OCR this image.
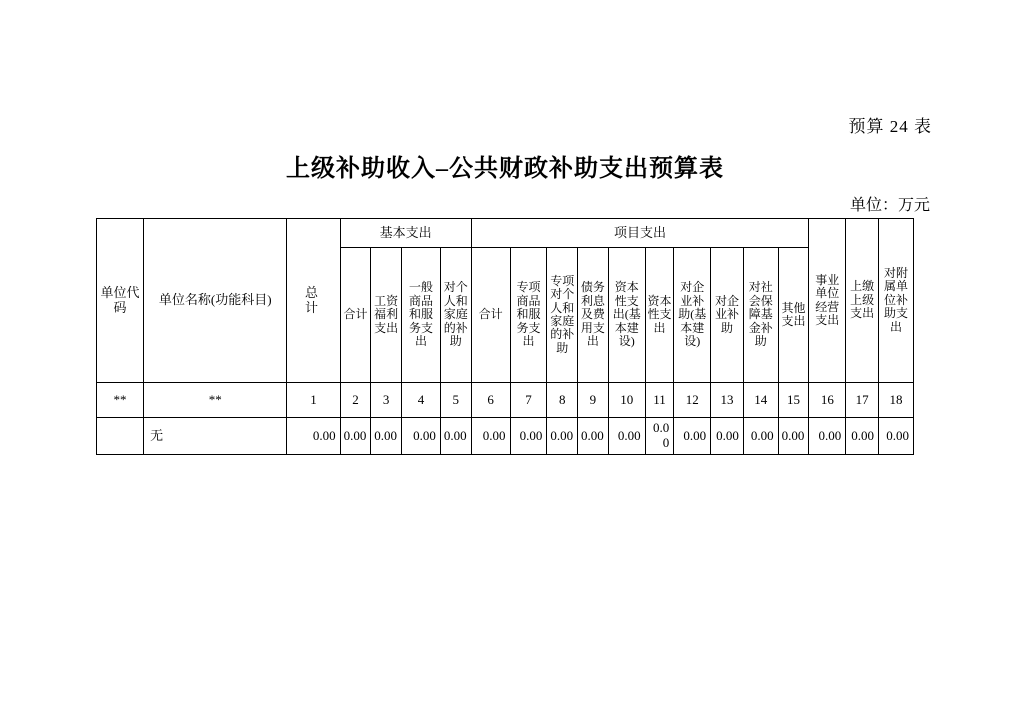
预算 24 表
上级补助收入–公共财政补助支出预算表
单位：万元
单位代码	单位名称(功能科目)	总　计	基本支出				项目支出										事业单位经营支出	上缴上级支出	对附属单位补助支出
			合计	工资福利支出	一般商品和服务支出	对个人和家庭的补助	合计	专项商品和服务支出	专项对个人和家庭的补助	债务利息及费用支出	资本性支出(基本建设)	资本性支出	对企业补助(基本建设)	对企业补助	对社会保障基金补助	其他支出			
**	**	1	2	3	4	5	6	7	8	9	10	11	12	13	14	15	16	17	18
	无	0.00	0.00	0.00	0.00	0.00	0.00	0.00	0.00	0.00	0.00	0.00	0.00	0.00	0.00	0.00	0.00	0.00	0.00
